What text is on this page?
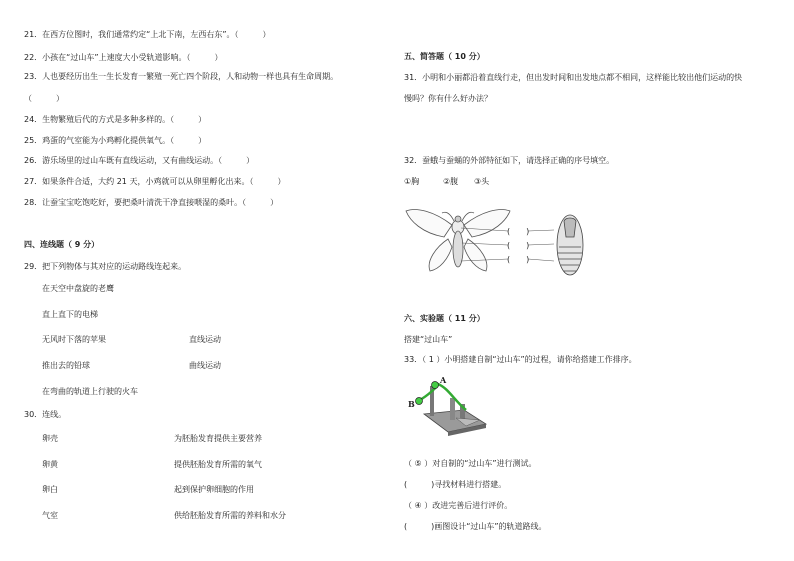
21．在西方位图时，我们通常约定“上北下南，左西右东”。（　　　）
22．小孩在“过山车”上速度大小受轨道影响。（　　　）
23．人也要经历出生一生长发育一繁殖一死亡四个阶段，人和动物一样也具有生命周期。
（　　　）
24．生物繁殖后代的方式是多种多样的。（　　　）
25．鸡蛋的气室能为小鸡孵化提供氧气。（　　　）
26．游乐场里的过山车既有直线运动，又有曲线运动。（　　　）
27．如果条件合适，大约 21 天，小鸡就可以从卵里孵化出来。（　　　）
28．让蚕宝宝吃饱吃好，要把桑叶清洗干净直接喂湿的桑叶。（　　　）
四、连线题（ 9 分）
29．把下列物体与其对应的运动路线连起来。
在天空中盘旋的老鹰
直上直下的电梯
无风时下落的苹果
推出去的铅球
在弯曲的轨道上行驶的火车
直线运动
曲线运动
30．连线。
卵壳
卵黄
卵白
气室
为胚胎发育提供主要营养
提供胚胎发育所需的氧气
起到保护卵细胞的作用
供给胚胎发育所需的养料和水分
五、简答题（ 10 分）
31．小明和小丽都沿着直线行走，但出发时间和出发地点都不相同，这样能比较出他们运动的快
慢吗？你有什么好办法？
32．蚕蛾与蚕蛹的外部特征如下，请选择正确的序号填空。
①胸	②腹 ③头
(　　)
(　　)
(　　)
六、实验题（ 11 分）
搭建“过山车”
33．（ 1 ）小明搭建自制“过山车”的过程，请你给搭建工作排序。
A
B
（ ⑤ ）对自制的“过山车”进行测试。
(　　　)寻找材料进行搭建。
（ ④ ）改进完善后进行评价。
(　　　)画图设计“过山车”的轨道路线。
